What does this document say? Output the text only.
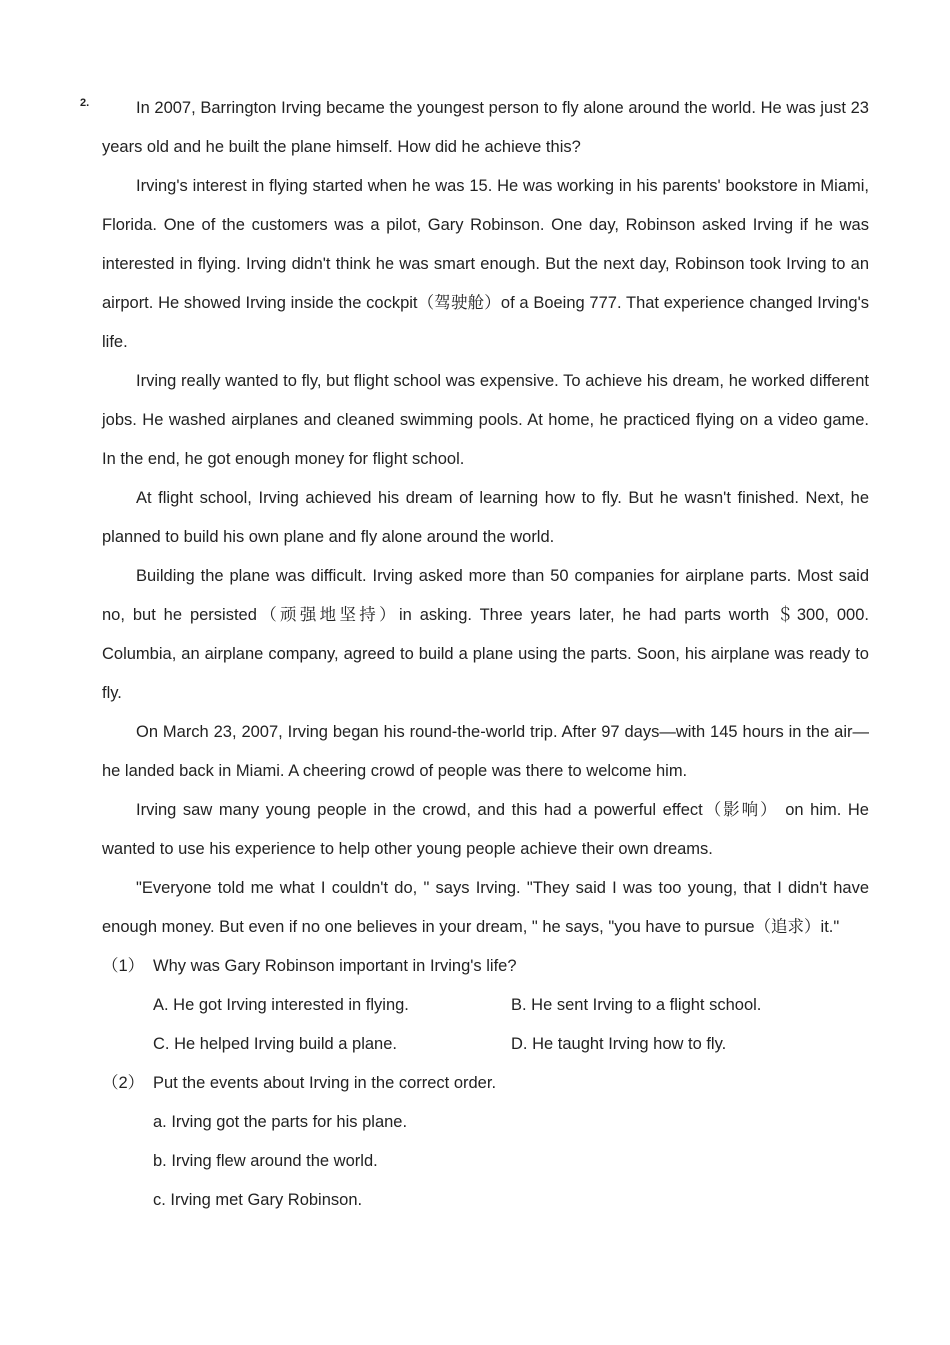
2.	In 2007, Barrington Irving became the youngest person to fly alone around the world. He was just 23 years old and he built the plane himself. How did he achieve this?

Irving's interest in flying started when he was 15. He was working in his parents' bookstore in Miami, Florida. One of the customers was a pilot, Gary Robinson. One day, Robinson asked Irving if he was interested in flying. Irving didn't think he was smart enough. But the next day, Robinson took Irving to an airport. He showed Irving inside the cockpit（驾驶舱）of a Boeing 777. That experience changed Irving's life.

Irving really wanted to fly, but flight school was expensive. To achieve his dream, he worked different jobs. He washed airplanes and cleaned swimming pools. At home, he practiced flying on a video game. In the end, he got enough money for flight school.

At flight school, Irving achieved his dream of learning how to fly. But he wasn't finished. Next, he planned to build his own plane and fly alone around the world.

Building the plane was difficult. Irving asked more than 50 companies for airplane parts. Most said no, but he persisted（顽强地坚持）in asking. Three years later, he had parts worth ＄300, 000. Columbia, an airplane company, agreed to build a plane using the parts. Soon, his airplane was ready to fly.

On March 23, 2007, Irving began his round-the-world trip. After 97 days—with 145 hours in the air—he landed back in Miami. A cheering crowd of people was there to welcome him.

Irving saw many young people in the crowd, and this had a powerful effect（影响） on him. He wanted to use his experience to help other young people achieve their own dreams.

"Everyone told me what I couldn't do, " says Irving. "They said I was too young, that I didn't have enough money. But even if no one believes in your dream, " he says, "you have to pursue（追求）it."

（1） Why was Gary Robinson important in Irving's life?
A. He got Irving interested in flying.	B. He sent Irving to a flight school.
C. He helped Irving build a plane.	D. He taught Irving how to fly.
（2） Put the events about Irving in the correct order.
a. Irving got the parts for his plane.
b. Irving flew around the world.
c. Irving met Gary Robinson.
